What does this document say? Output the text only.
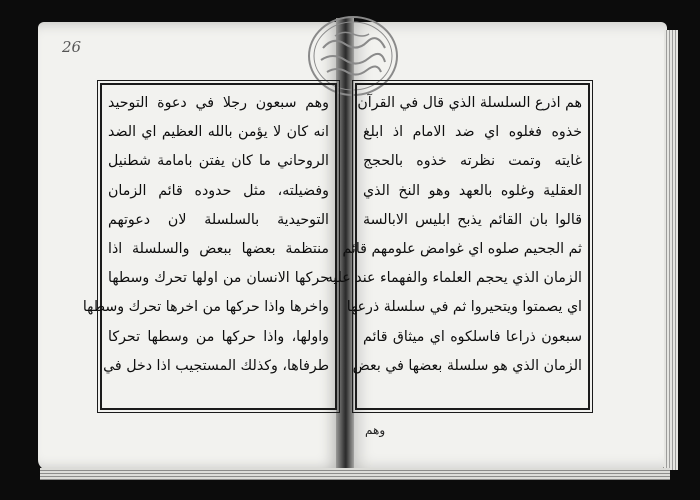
26
وهم سبعون رجلا في دعوة التوحيد
انه كان لا يؤمن بالله العظيم اي الضد
الروحاني ما كان يفتن بامامة شطنيل
وفضيلته، مثل حدوده قائم الزمان
التوحيدية بالسلسلة لان دعوتهم
منتظمة بعضها ببعض والسلسلة اذا
حركها الانسان من اولها تحرك وسطها
واخرها واذا حركها من اخرها تحرك وسطها
واولها، واذا حركها من وسطها تحركا
طرفاها، وكذلك المستجيب اذا دخل في
هم اذرع السلسلة الذي قال في القرآن
خذوه فغلوه اي ضد الامام اذ ابلغ
غايته وتمت نظرته خذوه بالحجج
العقلية وغلوه بالعهد وهو النخ الذي
قالوا بان القائم يذبح ابليس الابالسة
ثم الجحيم صلوه اي غوامض علومهم قائم
الزمان الذي يحجم العلماء والفهماء عند عليه
اي يصمتوا ويتحيروا ثم في سلسلة ذرعها
سبعون ذراعا فاسلكوه اي ميثاق قائم
الزمان الذي هو سلسلة بعضها في بعض
وهم
